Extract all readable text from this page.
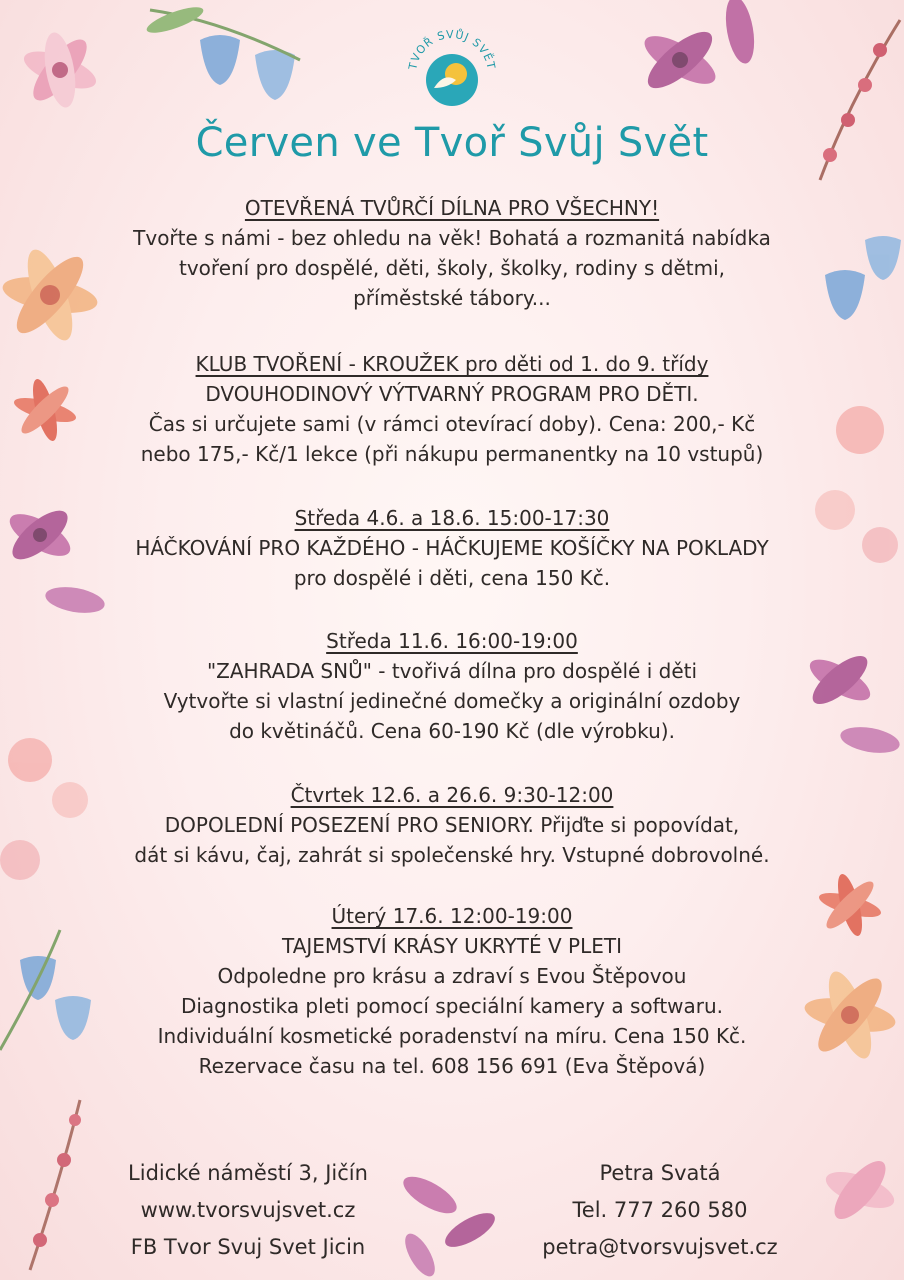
TVOŘ SVŮJ SVĚT
Červen ve Tvoř Svůj Svět

OTEVŘENÁ TVŮRČÍ DÍLNA PRO VŠECHNY!

Tvořte s námi - bez ohledu na věk! Bohatá a rozmanitá nabídka

tvoření pro dospělé, děti, školy, školky, rodiny s dětmi,

příměstské tábory...

KLUB TVOŘENÍ - KROUŽEK pro děti od 1. do 9. třídy

DVOUHODINOVÝ VÝTVARNÝ PROGRAM PRO DĚTI.

Čas si určujete sami (v rámci otevírací doby). Cena: 200,- Kč

nebo 175,- Kč/1 lekce (při nákupu permanentky na 10 vstupů)

Středa 4.6. a 18.6. 15:00-17:30

HÁČKOVÁNÍ PRO KAŽDÉHO - HÁČKUJEME KOŠÍČKY NA POKLADY

pro dospělé i děti, cena 150 Kč.

Středa 11.6. 16:00-19:00

"ZAHRADA SNŮ" - tvořivá dílna pro dospělé i děti

Vytvořte si vlastní jedinečné domečky a originální ozdoby

do květináčů. Cena 60-190 Kč (dle výrobku).

Čtvrtek 12.6. a 26.6. 9:30-12:00

DOPOLEDNÍ POSEZENÍ PRO SENIORY. Přijďte si popovídat,

dát si kávu, čaj, zahrát si společenské hry. Vstupné dobrovolné.

Úterý 17.6. 12:00-19:00

TAJEMSTVÍ KRÁSY UKRYTÉ V PLETI

Odpoledne pro krásu a zdraví s Evou Štěpovou

Diagnostika pleti pomocí speciální kamery a softwaru.

Individuální kosmetické poradenství na míru. Cena 150 Kč.

Rezervace času na tel. 608 156 691 (Eva Štěpová)

Lidické náměstí 3, Jičín
www.tvorsvujsvet.cz
FB Tvor Svuj Svet Jicin
Petra Svatá
Tel. 777 260 580
petra@tvorsvujsvet.cz
